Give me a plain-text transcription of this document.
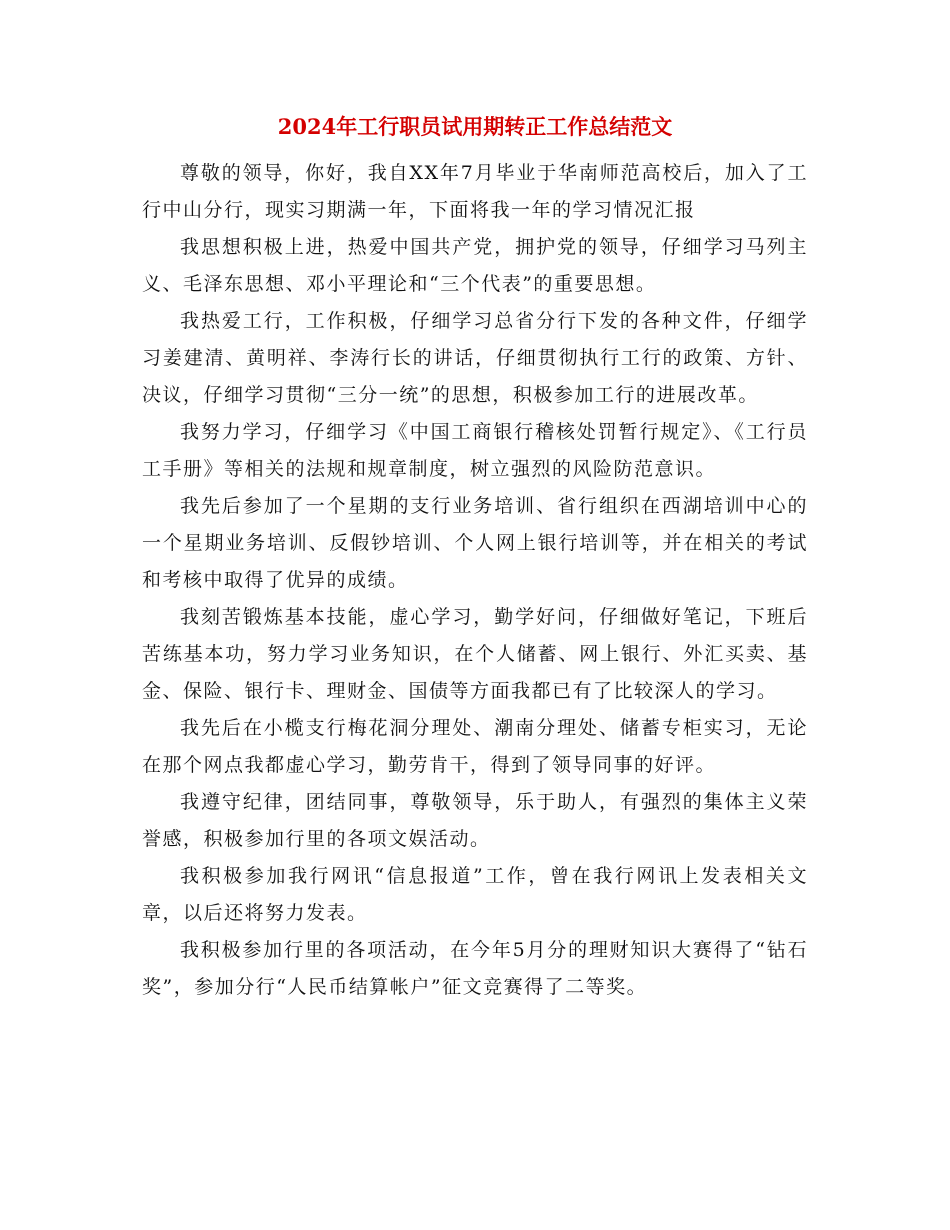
2024年工行职员试用期转正工作总结范文

尊敬的领导，你好，我自XX年7月毕业于华南师范高校后，加入了工行中山分行，现实习期满一年，下面将我一年的学习情况汇报

我思想积极上进，热爱中国共产党，拥护党的领导，仔细学习马列主义、毛泽东思想、邓小平理论和“三个代表”的重要思想。

我热爱工行，工作积极，仔细学习总省分行下发的各种文件，仔细学习姜建清、黄明祥、李涛行长的讲话，仔细贯彻执行工行的政策、方针、决议，仔细学习贯彻“三分一统”的思想，积极参加工行的进展改革。

我努力学习，仔细学习《中国工商银行稽核处罚暂行规定》、《工行员工手册》等相关的法规和规章制度，树立强烈的风险防范意识。

我先后参加了一个星期的支行业务培训、省行组织在西湖培训中心的一个星期业务培训、反假钞培训、个人网上银行培训等，并在相关的考试和考核中取得了优异的成绩。

我刻苦锻炼基本技能，虚心学习，勤学好问，仔细做好笔记，下班后苦练基本功，努力学习业务知识，在个人储蓄、网上银行、外汇买卖、基金、保险、银行卡、理财金、国债等方面我都已有了比较深人的学习。

我先后在小榄支行梅花洞分理处、潮南分理处、储蓄专柜实习，无论在那个网点我都虚心学习，勤劳肯干，得到了领导同事的好评。

我遵守纪律，团结同事，尊敬领导，乐于助人，有强烈的集体主义荣誉感，积极参加行里的各项文娱活动。

我积极参加我行网讯“信息报道”工作，曾在我行网讯上发表相关文章，以后还将努力发表。

我积极参加行里的各项活动，在今年5月分的理财知识大赛得了“钻石奖”，参加分行“人民币结算帐户”征文竞赛得了二等奖。
